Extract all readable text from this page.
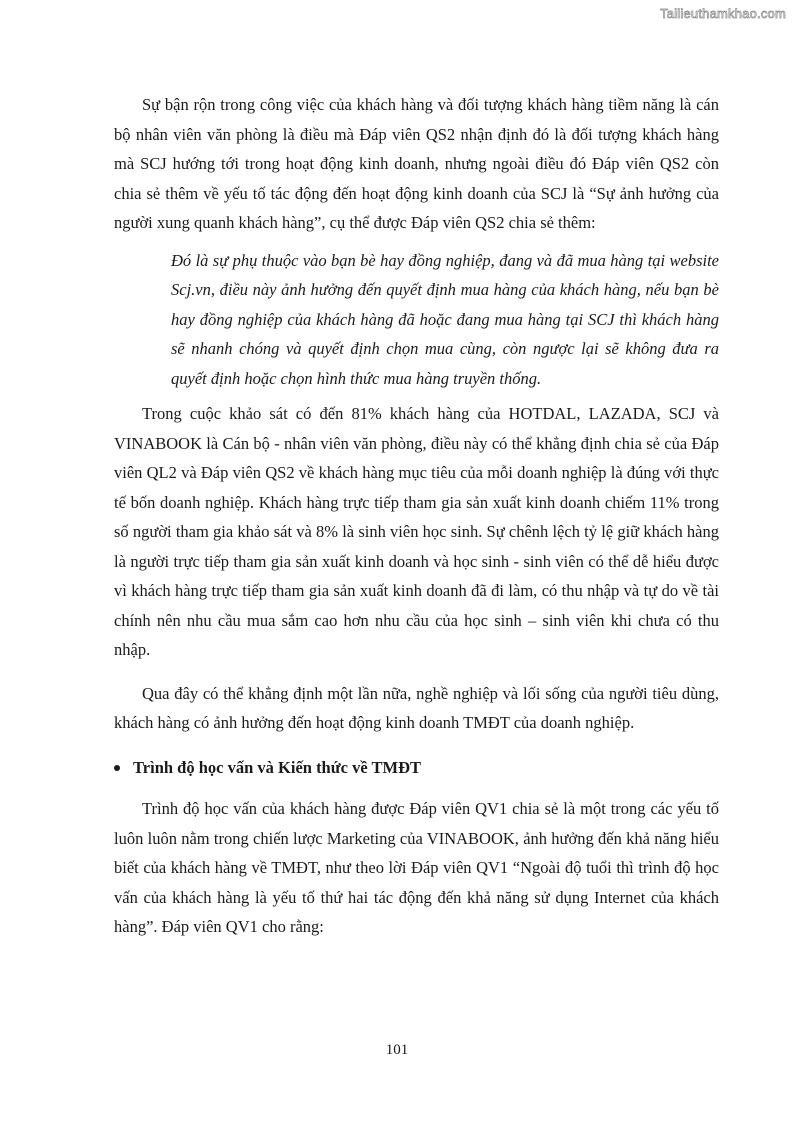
Tailieuthamkhao.com

Sự bận rộn trong công việc của khách hàng và đối tượng khách hàng tiềm năng là cán bộ nhân viên văn phòng là điều mà Đáp viên QS2 nhận định đó là đối tượng khách hàng mà SCJ hướng tới trong hoạt động kinh doanh, nhưng ngoài điều đó Đáp viên QS2 còn chia sẻ thêm về yếu tố tác động đến hoạt động kinh doanh của SCJ là “Sự ảnh hưởng của người xung quanh khách hàng”, cụ thể được Đáp viên QS2 chia sẻ thêm:

Đó là sự phụ thuộc vào bạn bè hay đồng nghiệp, đang và đã mua hàng tại website Scj.vn, điều này ảnh hưởng đến quyết định mua hàng của khách hàng, nếu bạn bè hay đồng nghiệp của khách hàng đã hoặc đang mua hàng tại SCJ thì khách hàng sẽ nhanh chóng và quyết định chọn mua cùng, còn ngược lại sẽ không đưa ra quyết định hoặc chọn hình thức mua hàng truyền thống.

Trong cuộc khảo sát có đến 81% khách hàng của HOTDAL, LAZADA, SCJ và VINABOOK là Cán bộ - nhân viên văn phòng, điều này có thể khẳng định chia sẻ của Đáp viên QL2 và Đáp viên QS2 về khách hàng mục tiêu của mỗi doanh nghiệp là đúng với thực tế bốn doanh nghiệp. Khách hàng trực tiếp tham gia sản xuất kinh doanh chiếm 11% trong số người tham gia khảo sát và 8% là sinh viên học sinh. Sự chênh lệch tỷ lệ giữ khách hàng là người trực tiếp tham gia sản xuất kinh doanh và học sinh - sinh viên có thể dễ hiểu được vì khách hàng trực tiếp tham gia sản xuất kinh doanh đã đi làm, có thu nhập và tự do về tài chính nên nhu cầu mua sắm cao hơn nhu cầu của học sinh – sinh viên khi chưa có thu nhập.

Qua đây có thể khẳng định một lần nữa, nghề nghiệp và lối sống của người tiêu dùng, khách hàng có ảnh hưởng đến hoạt động kinh doanh TMĐT của doanh nghiệp.

Trình độ học vấn và Kiến thức về TMĐT

Trình độ học vấn của khách hàng được Đáp viên QV1 chia sẻ là một trong các yếu tố luôn luôn nằm trong chiến lược Marketing của VINABOOK, ảnh hưởng đến khả năng hiểu biết của khách hàng về TMĐT, như theo lời Đáp viên QV1 “Ngoài độ tuổi thì trình độ học vấn của khách hàng là yếu tố thứ hai tác động đến khả năng sử dụng Internet của khách hàng”. Đáp viên QV1 cho rằng:

101
